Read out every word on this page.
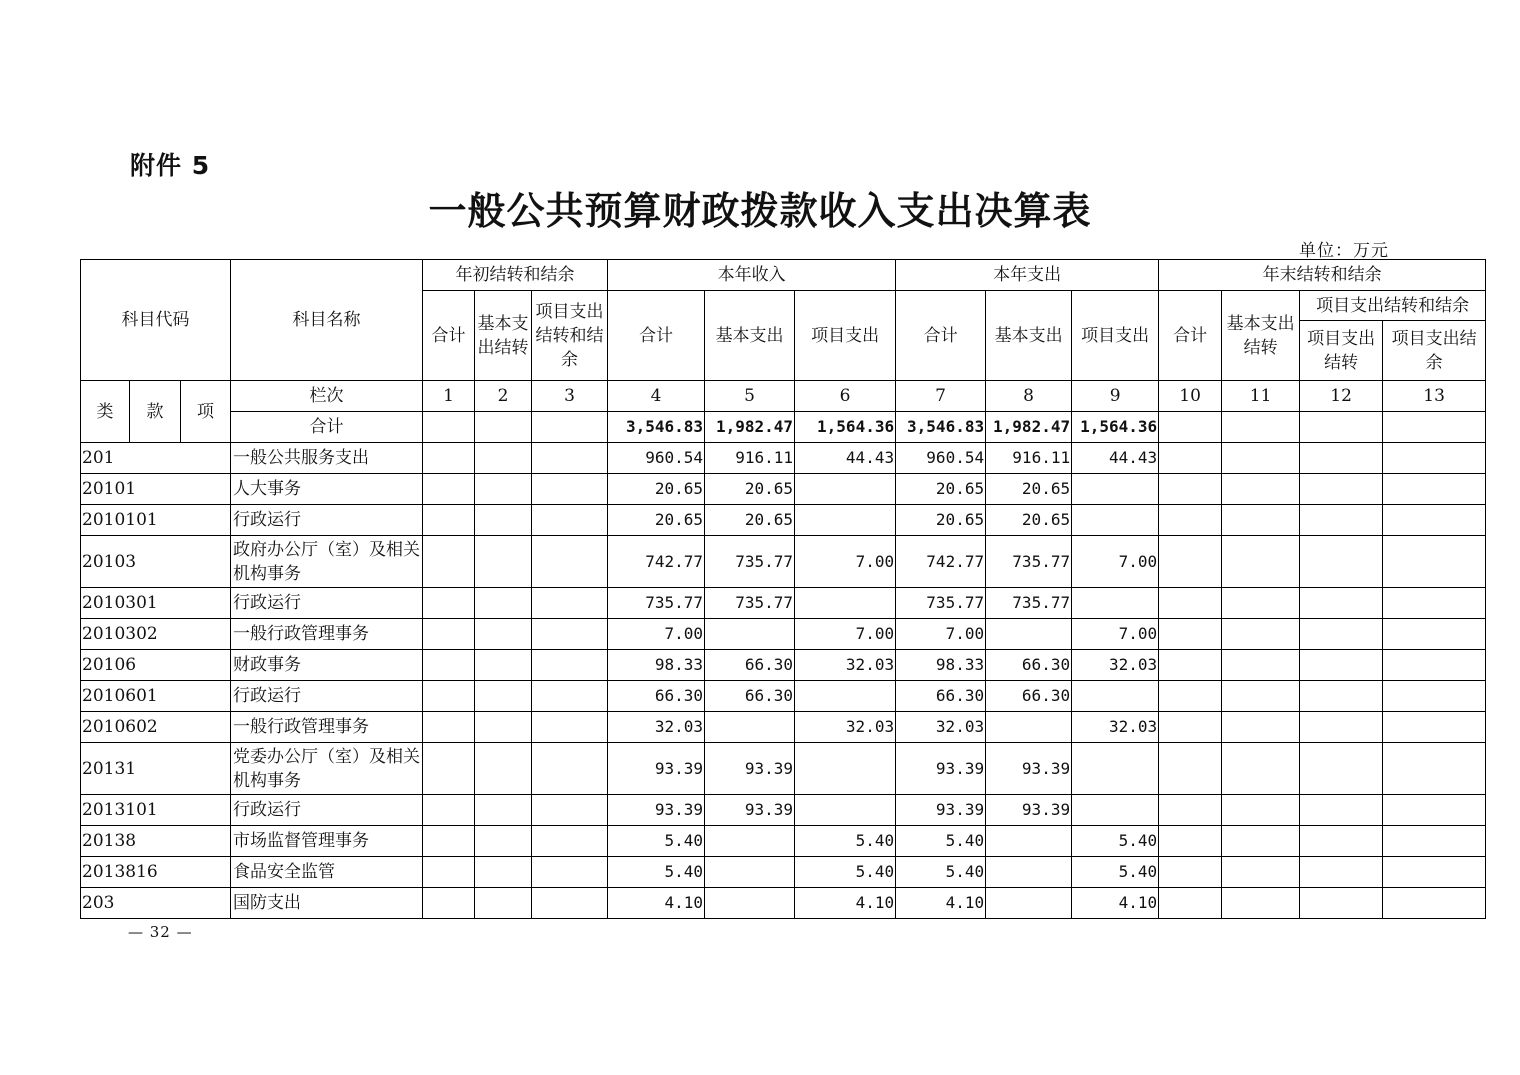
附件 5
一般公共预算财政拨款收入支出决算表
单位：万元
科目代码			科目名称	年初结转和结余			本年收入			本年支出			年末结转和结余			
				合计	基本支出结转	项目支出结转和结余	合计	基本支出	项目支出	合计	基本支出	项目支出	合计	基本支出结转	项目支出结转和结余	
															项目支出结转	项目支出结余
类	款	项	栏次	1	2	3	4	5	6	7	8	9	10	11	12	13
			合计				3,546.83	1,982.47	1,564.36	3,546.83	1,982.47	1,564.36				
201			一般公共服务支出				960.54	916.11	44.43	960.54	916.11	44.43				
20101			人大事务				20.65	20.65		20.65	20.65					
2010101			行政运行				20.65	20.65		20.65	20.65					
20103			政府办公厅（室）及相关机构事务				742.77	735.77	7.00	742.77	735.77	7.00				
2010301			行政运行				735.77	735.77		735.77	735.77					
2010302			一般行政管理事务				7.00		7.00	7.00		7.00				
20106			财政事务				98.33	66.30	32.03	98.33	66.30	32.03				
2010601			行政运行				66.30	66.30		66.30	66.30					
2010602			一般行政管理事务				32.03		32.03	32.03		32.03				
20131			党委办公厅（室）及相关机构事务				93.39	93.39		93.39	93.39					
2013101			行政运行				93.39	93.39		93.39	93.39					
20138			市场监督管理事务				5.40		5.40	5.40		5.40				
2013816			食品安全监管				5.40		5.40	5.40		5.40				
203			国防支出				4.10		4.10	4.10		4.10				
— 32 —
